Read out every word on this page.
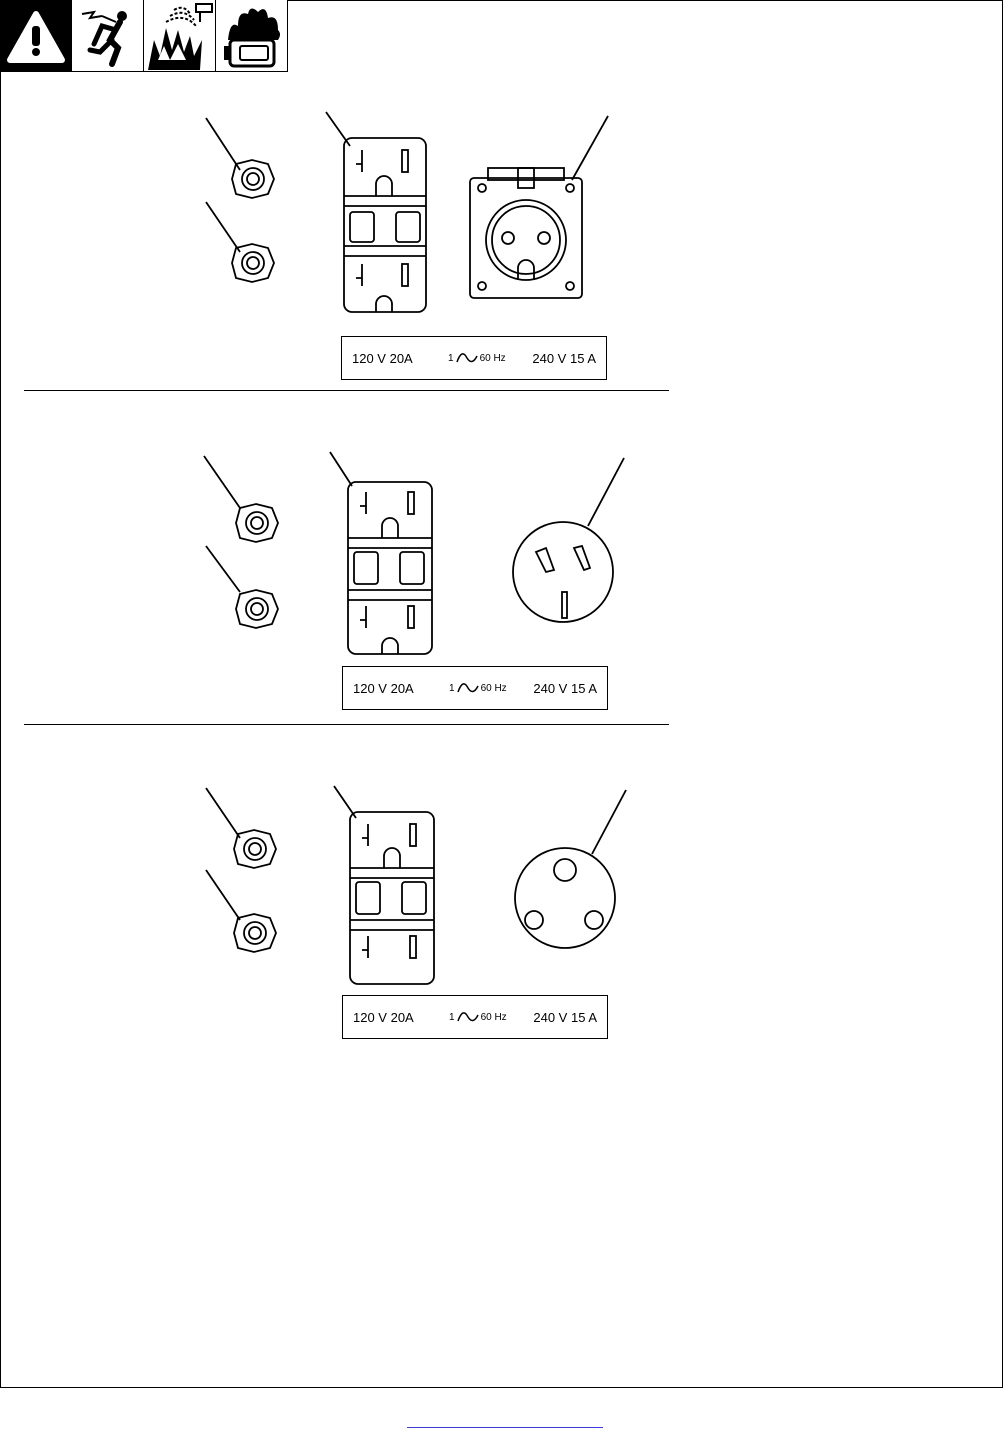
120 V 20A	1	60 Hz	240 V 15 A
120 V 20A	1	60 Hz	240 V 15 A
120 V 20A	1	60 Hz	240 V 15 A
